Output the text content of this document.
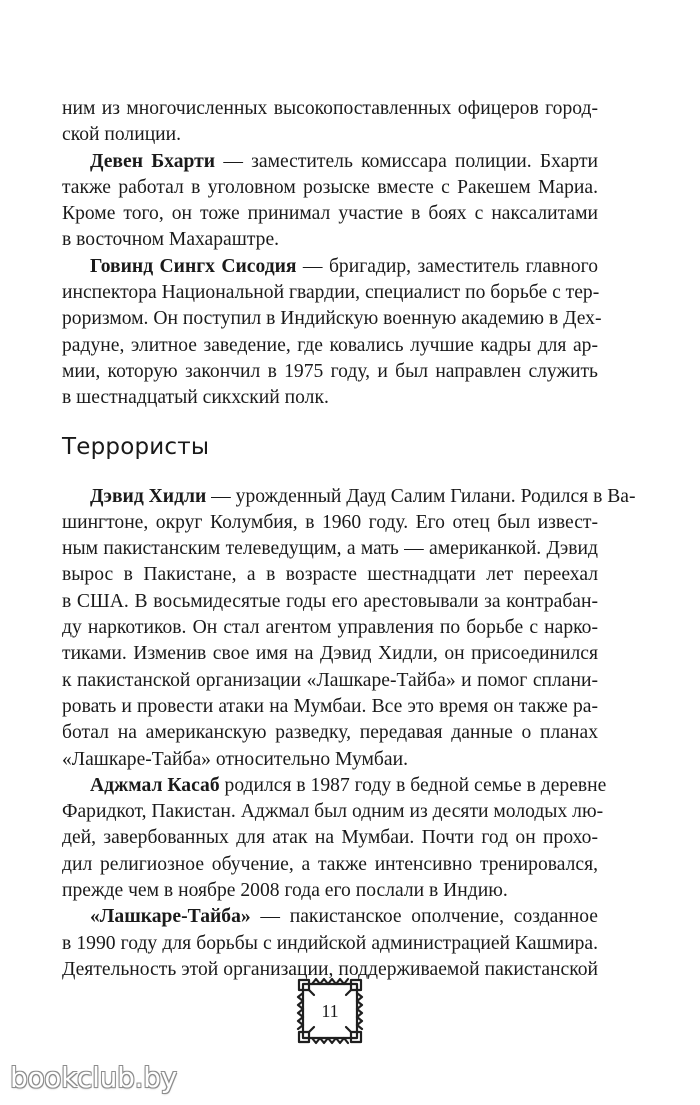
ним из многочисленных высокопоставленных офицеров город-
ской полиции.
Девен Бхарти — заместитель комиссара полиции. Бхарти
также работал в уголовном розыске вместе с Ракешем Мариа.
Кроме того, он тоже принимал участие в боях с наксалитами
в восточном Махараштре.
Говинд Сингх Сисодия — бригадир, заместитель главного
инспектора Национальной гвардии, специалист по борьбе с тер-
роризмом. Он поступил в Индийскую военную академию в Дех-
радуне, элитное заведение, где ковались лучшие кадры для ар-
мии, которую закончил в 1975 году, и был направлен служить
в шестнадцатый сикхский полк.
Террористы
Дэвид Хидли — урожденный Дауд Салим Гилани. Родился в Ва-
шингтоне, округ Колумбия, в 1960 году. Его отец был извест-
ным пакистанским телеведущим, а мать — американкой. Дэвид
вырос в Пакистане, а в возрасте шестнадцати лет переехал
в США. В восьмидесятые годы его арестовывали за контрабан-
ду наркотиков. Он стал агентом управления по борьбе с нарко-
тиками. Изменив свое имя на Дэвид Хидли, он присоединился
к пакистанской организации «Лашкаре-Тайба» и помог сплани-
ровать и провести атаки на Мумбаи. Все это время он также ра-
ботал на американскую разведку, передавая данные о планах
«Лашкаре-Тайба» относительно Мумбаи.
Аджмал Касаб родился в 1987 году в бедной семье в деревне
Фаридкот, Пакистан. Аджмал был одним из десяти молодых лю-
дей, завербованных для атак на Мумбаи. Почти год он прохо-
дил религиозное обучение, а также интенсивно тренировался,
прежде чем в ноябре 2008 года его послали в Индию.
«Лашкаре-Тайба» — пакистанское ополчение, созданное
в 1990 году для борьбы с индийской администрацией Кашмира.
Деятельность этой организации, поддерживаемой пакистанской
11
bookclub.by
